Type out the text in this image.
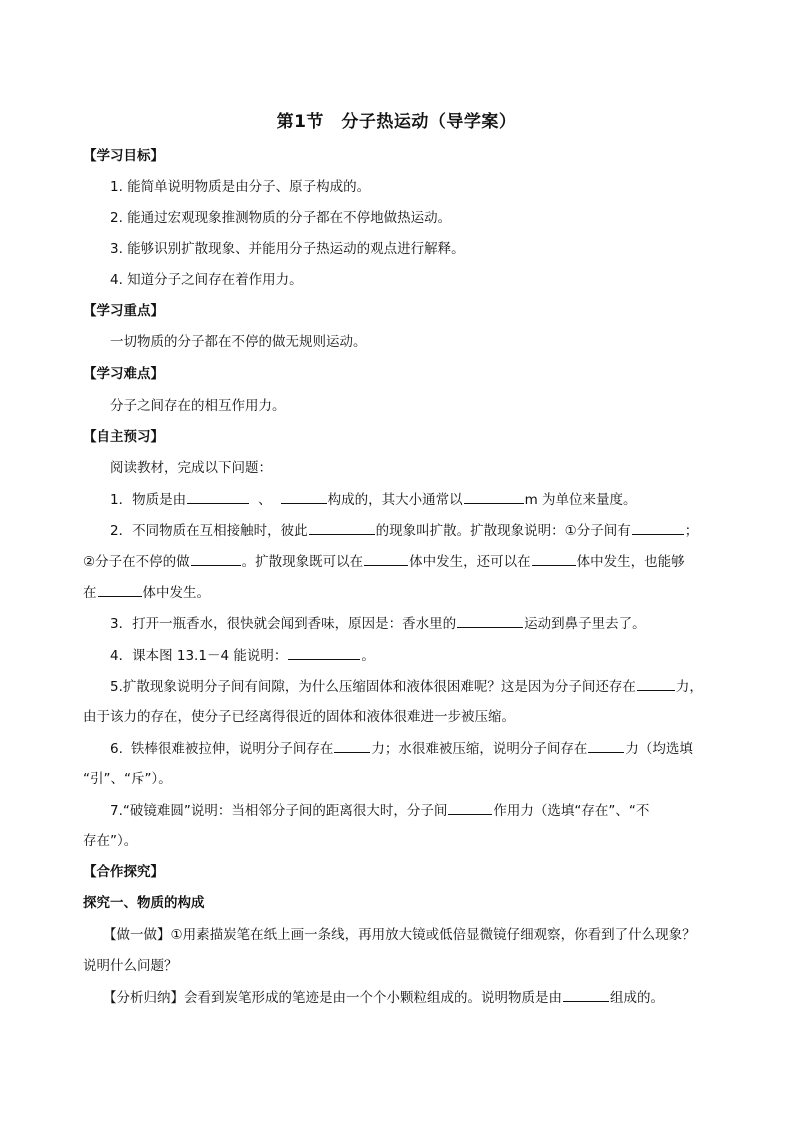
第1节　分子热运动（导学案）
【学习目标】
1. 能简单说明物质是由分子、原子构成的。
2. 能通过宏观现象推测物质的分子都在不停地做热运动。
3. 能够识别扩散现象、并能用分子热运动的观点进行解释。
4. 知道分子之间存在着作用力。
【学习重点】
一切物质的分子都在不停的做无规则运动。
【学习难点】
分子之间存在的相互作用力。
【自主预习】
阅读教材，完成以下问题：
1．物质是由	、	构成的，其大小通常以	m 为单位来量度。
2．不同物质在互相接触时，彼此	的现象叫扩散。扩散现象说明：①分子间有	；
②分子在不停的做	。扩散现象既可以在	体中发生，还可以在	体中发生，也能够
在	体中发生。
3．打开一瓶香水，很快就会闻到香味，原因是：香水里的	运动到鼻子里去了。
4．课本图 13.1－4 能说明：	。
5.扩散现象说明分子间有间隙，为什么压缩固体和液体很困难呢？这是因为分子间还存在	力，
由于该力的存在，使分子已经离得很近的固体和液体很难进一步被压缩。
6. 铁棒很难被拉伸，说明分子间存在	力；水很难被压缩，说明分子间存在	力（均选填
“引”、“斥”）。
7.“破镜难圆”说明：当相邻分子间的距离很大时，分子间	作用力（选填“存在”、“不
存在”）。
【合作探究】
探究一、物质的构成
【做一做】①用素描炭笔在纸上画一条线，再用放大镜或低倍显微镜仔细观察，你看到了什么现象？
说明什么问题？
【分析归纳】会看到炭笔形成的笔迹是由一个个小颗粒组成的。说明物质是由	组成的。
